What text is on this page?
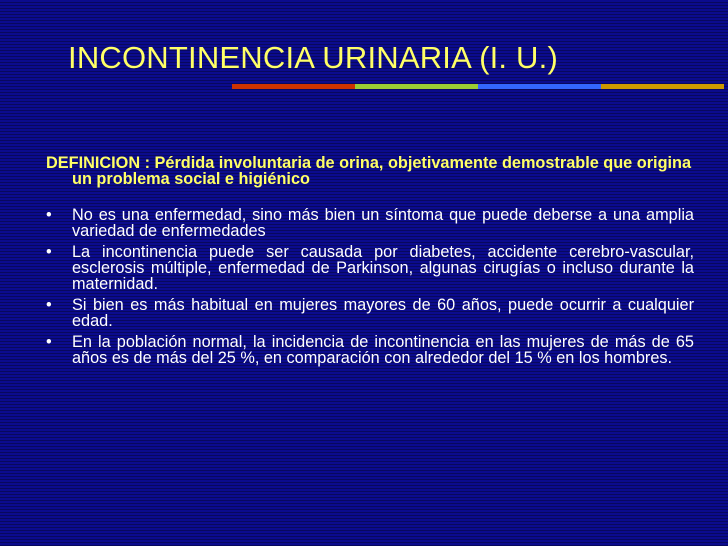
INCONTINENCIA URINARIA (I. U.)

DEFINICION : Pérdida involuntaria de orina, objetivamente demostrable que origina un problema social e higiénico

• No es una enfermedad, sino más bien un síntoma que puede deberse a una amplia variedad de enfermedades
• La incontinencia puede ser causada por diabetes, accidente cerebro-vascular, esclerosis múltiple, enfermedad de Parkinson, algunas cirugías o incluso durante la maternidad.
• Si bien es más habitual en mujeres mayores de 60 años, puede ocurrir a cualquier edad.
• En la población normal, la incidencia de incontinencia en las mujeres de más de 65 años es de más del 25 %, en comparación con alrededor del 15 % en los hombres.
